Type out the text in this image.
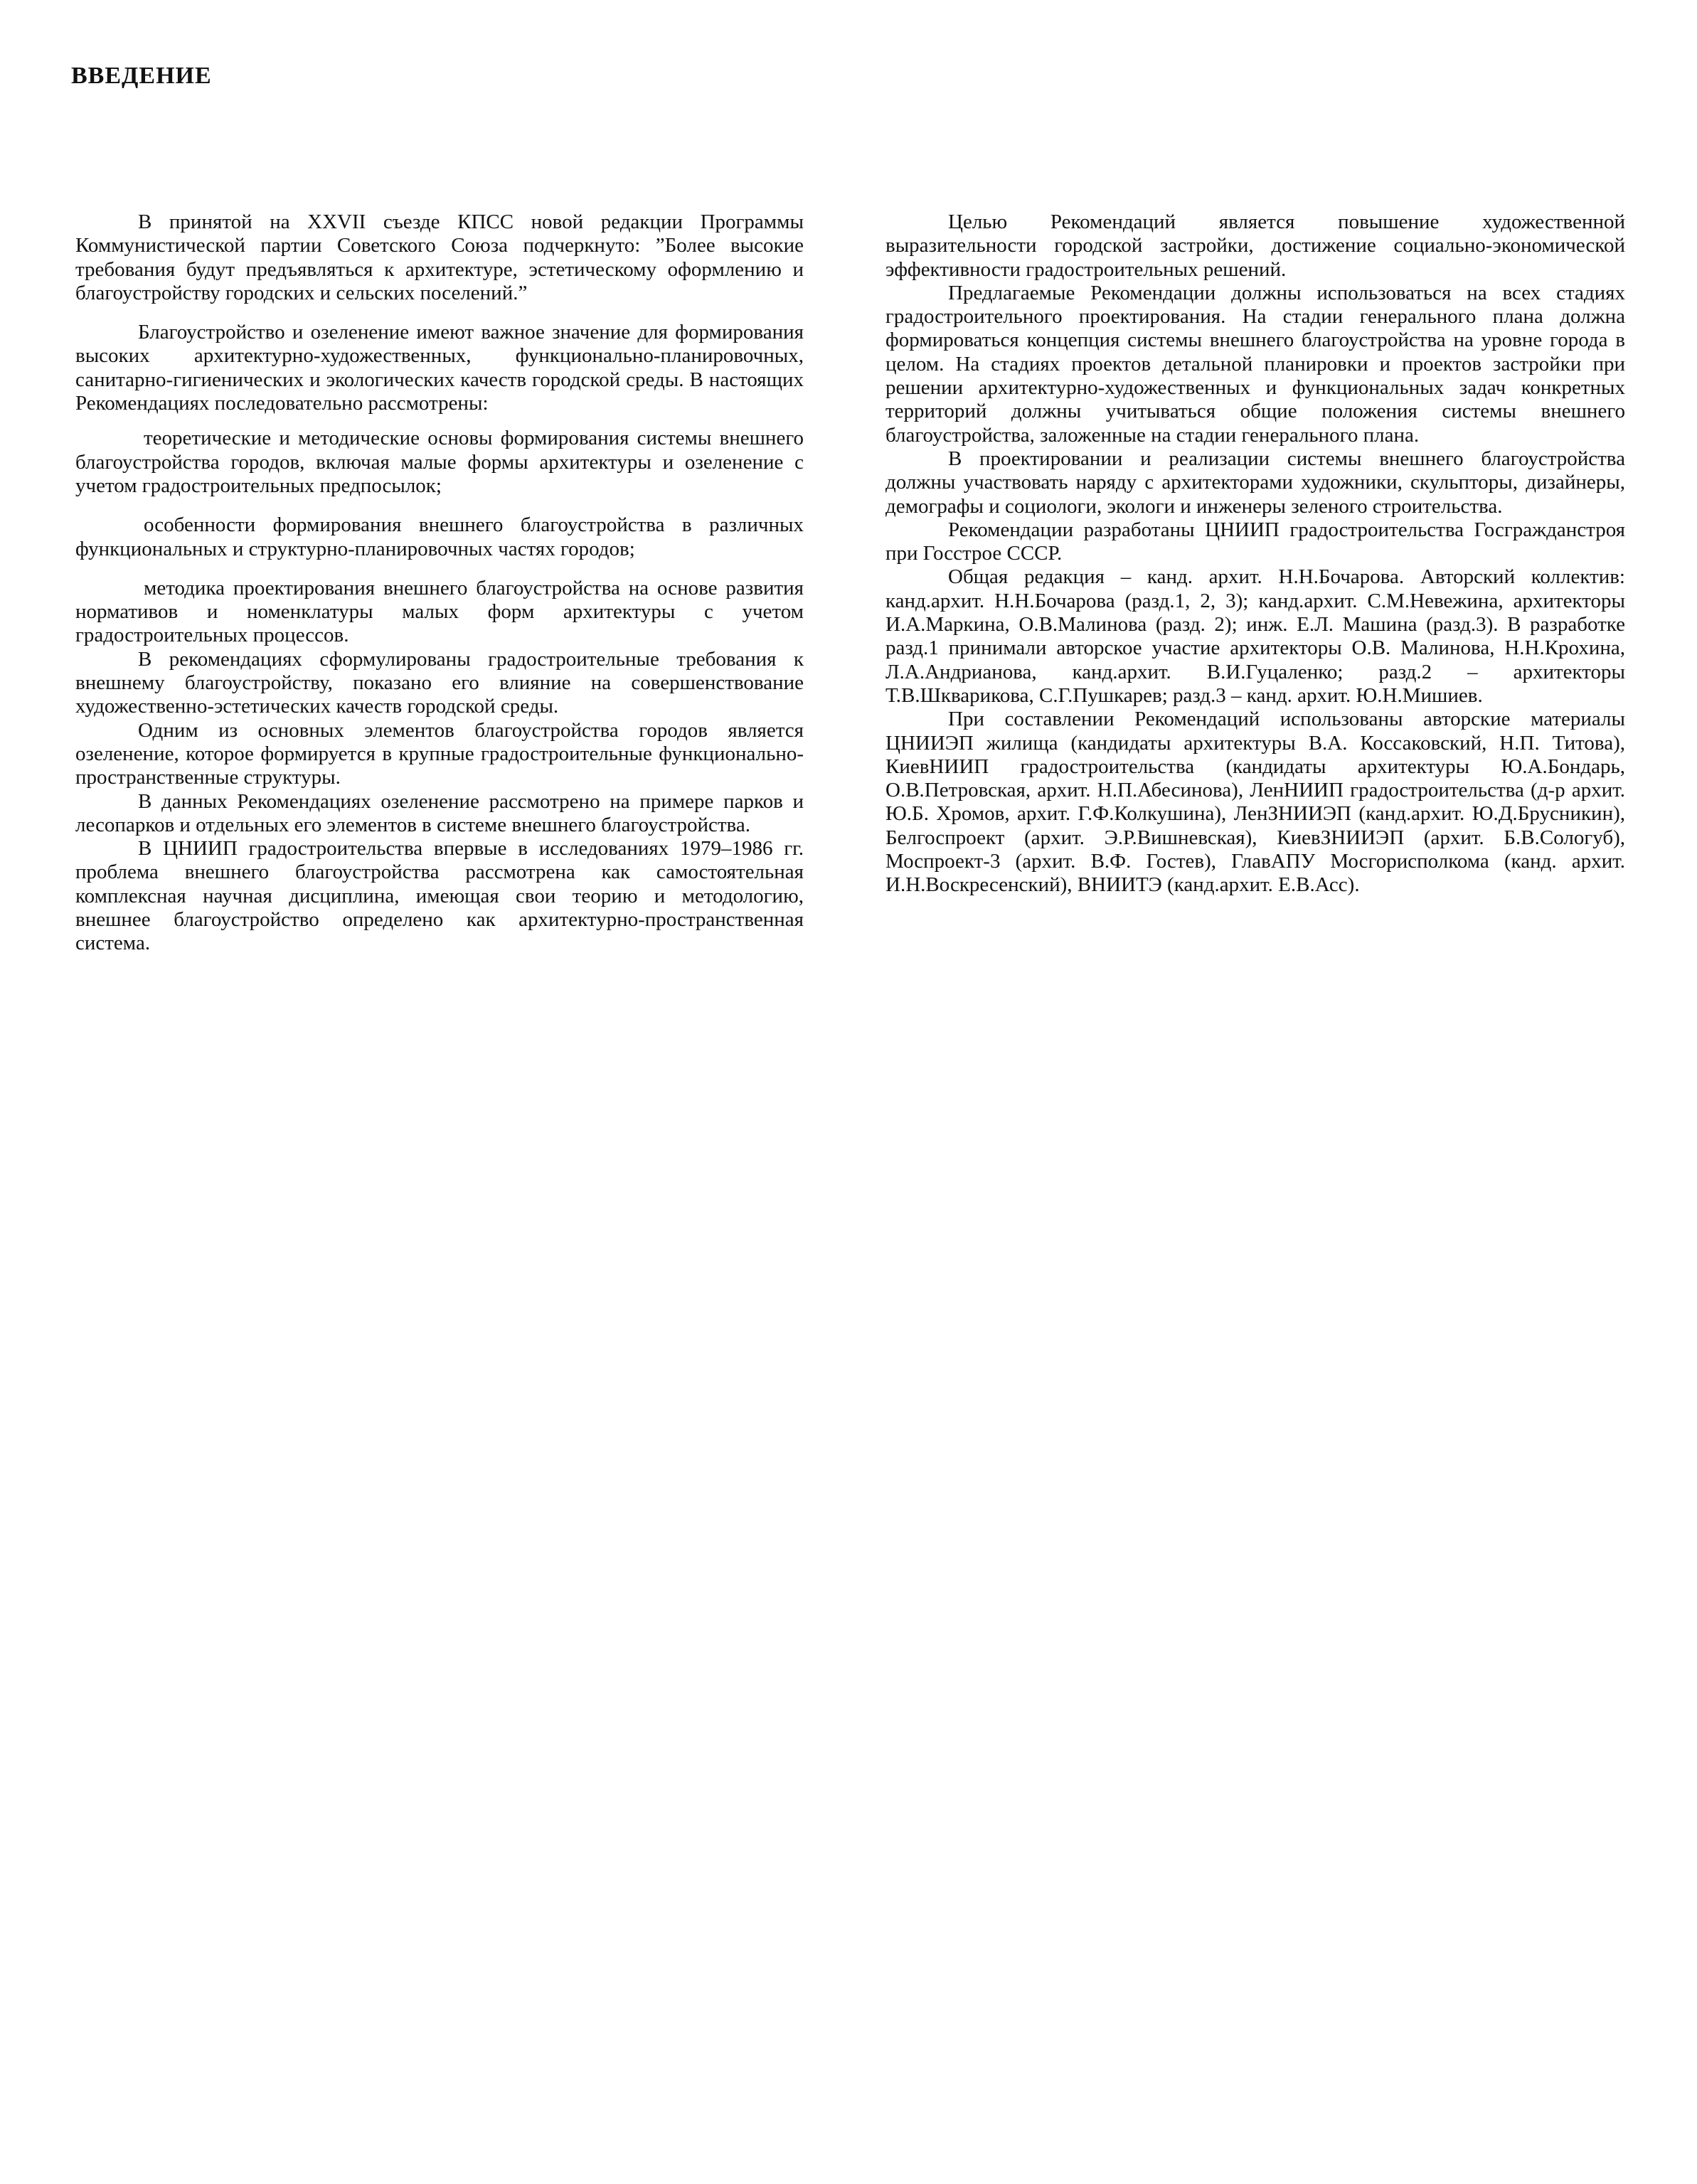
ВВЕДЕНИЕ

В принятой на XXVII съезде КПСС новой редакции Программы Коммунистической партии Советского Союза подчеркнуто: ”Более высокие требования будут предъявляться к архитектуре, эстетическому оформлению и благоустройству городских и сельских поселений.”

Благоустройство и озеленение имеют важное значение для формирования высоких архитектурно-художественных, функционально-планировочных, санитарно-гигиенических и экологических качеств городской среды. В настоящих Рекомендациях последовательно рассмотрены:

теоретические и методические основы формирования системы внешнего благоустройства городов, включая малые формы архитектуры и озеленение с учетом градостроительных предпосылок;

особенности формирования внешнего благоустройства в различных функциональных и структурно-планировочных частях городов;

методика проектирования внешнего благоустройства на основе развития нормативов и номенклатуры малых форм архитектуры с учетом градостроительных процессов.

В рекомендациях сформулированы градостроительные требования к внешнему благоустройству, показано его влияние на совершенствование художественно-эстетических качеств городской среды.

Одним из основных элементов благоустройства городов является озеленение, которое формируется в крупные градостроительные функционально-пространственные структуры.

В данных Рекомендациях озеленение рассмотрено на примере парков и лесопарков и отдельных его элементов в системе внешнего благоустройства.

В ЦНИИП градостроительства впервые в исследованиях 1979–1986 гг. проблема внешнего благоустройства рассмотрена как самостоятельная комплексная научная дисциплина, имеющая свои теорию и методологию, внешнее благоустройство определено как архитектурно-пространственная система.

Целью Рекомендаций является повышение художественной выразительности городской застройки, достижение социально-экономической эффективности градостроительных решений.

Предлагаемые Рекомендации должны использоваться на всех стадиях градостроительного проектирования. На стадии генерального плана должна формироваться концепция системы внешнего благоустройства на уровне города в целом. На стадиях проектов детальной планировки и проектов застройки при решении архитектурно-художественных и функциональных задач конкретных территорий должны учитываться общие положения системы внешнего благоустройства, заложенные на стадии генерального плана.

В проектировании и реализации системы внешнего благоустройства должны участвовать наряду с архитекторами художники, скульпторы, дизайнеры, демографы и социологи, экологи и инженеры зеленого строительства.

Рекомендации разработаны ЦНИИП градостроительства Госгражданстроя при Госстрое СССР.

Общая редакция – канд. архит. Н.Н.Бочарова. Авторский коллектив: канд.архит. Н.Н.Бочарова (разд.1, 2, 3); канд.архит. С.М.Невежина, архитекторы И.А.Маркина, О.В.Малинова (разд. 2); инж. Е.Л. Машина (разд.3). В разработке разд.1 принимали авторское участие архитекторы О.В. Малинова, Н.Н.Крохина, Л.А.Андрианова, канд.архит. В.И.Гуцаленко; разд.2 – архитекторы Т.В.Шкварикова, С.Г.Пушкарев; разд.3 – канд. архит. Ю.Н.Мишиев.

При составлении Рекомендаций использованы авторские материалы ЦНИИЭП жилища (кандидаты архитектуры В.А. Коссаковский, Н.П. Титова), КиевНИИП градостроительства (кандидаты архитектуры Ю.А.Бондарь, О.В.Петровская, архит. Н.П.Абесинова), ЛенНИИП градостроительства (д-р архит. Ю.Б. Хромов, архит. Г.Ф.Колкушина), ЛенЗНИИЭП (канд.архит. Ю.Д.Брусникин), Белгоспроект (архит. Э.Р.Вишневская), КиевЗНИИЭП (архит. Б.В.Сологуб), Моспроект-3 (архит. В.Ф. Гостев), ГлавАПУ Мосгорисполкома (канд. архит. И.Н.Воскресенский), ВНИИТЭ (канд.архит. Е.В.Асс).
